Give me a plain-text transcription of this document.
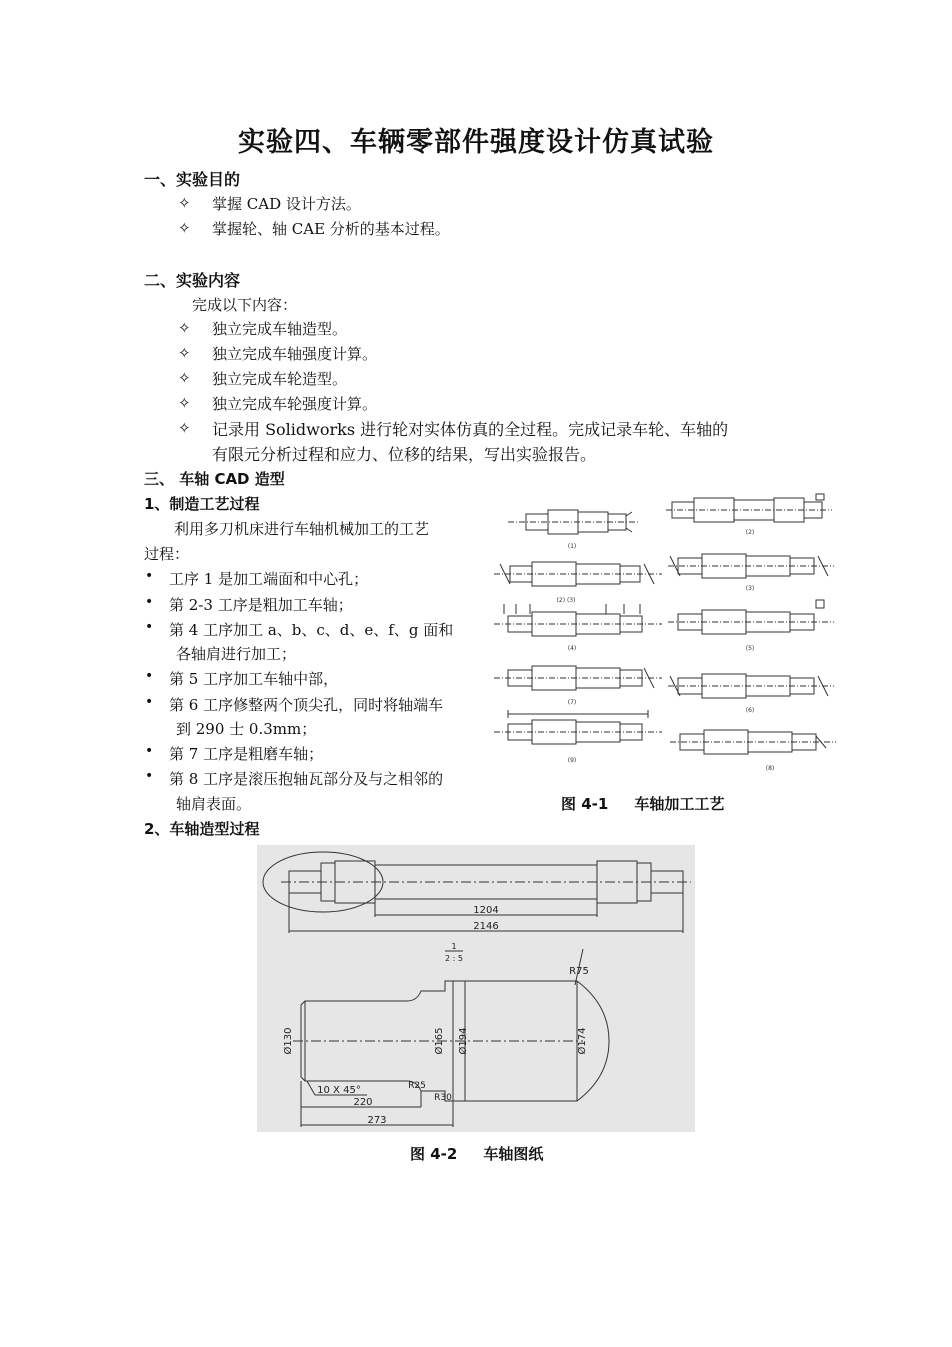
实验四、车辆零部件强度设计仿真试验
一、实验目的
✧ 掌握 CAD 设计方法。
✧ 掌握轮、轴 CAE 分析的基本过程。
二、实验内容
完成以下内容：
✧ 独立完成车轴造型。
✧ 独立完成车轴强度计算。
✧ 独立完成车轮造型。
✧ 独立完成车轮强度计算。
✧ 记录用 Solidworks 进行轮对实体仿真的全过程。完成记录车轮、车轴的
有限元分析过程和应力、位移的结果，写出实验报告。
三、 车轴 CAD 造型
1、制造工艺过程
利用多刀机床进行车轴机械加工的工艺
过程：
• 工序 1 是加工端面和中心孔；
• 第 2-3 工序是粗加工车轴；
• 第 4 工序加工 a、b、c、d、e、f、g 面和
各轴肩进行加工；
• 第 5 工序加工车轴中部，
• 第 6 工序修整两个顶尖孔，同时将轴端车
到 290 士 0.3mm；
• 第 7 工序是粗磨车轴；
• 第 8 工序是滚压抱轴瓦部分及与之相邻的
轴肩表面。
2、车轴造型过程
(1)
(2)
(2) (3)
(3)
(4)	(5)
(7)
(6)
(9)
(8)
图 4-1     车轴加工工艺
1204
2146
1
2 : 5
R75
Ø130	Ø165 Ø194	Ø174
10 X 45°	R25
R30
220
273
图 4-2     车轴图纸
